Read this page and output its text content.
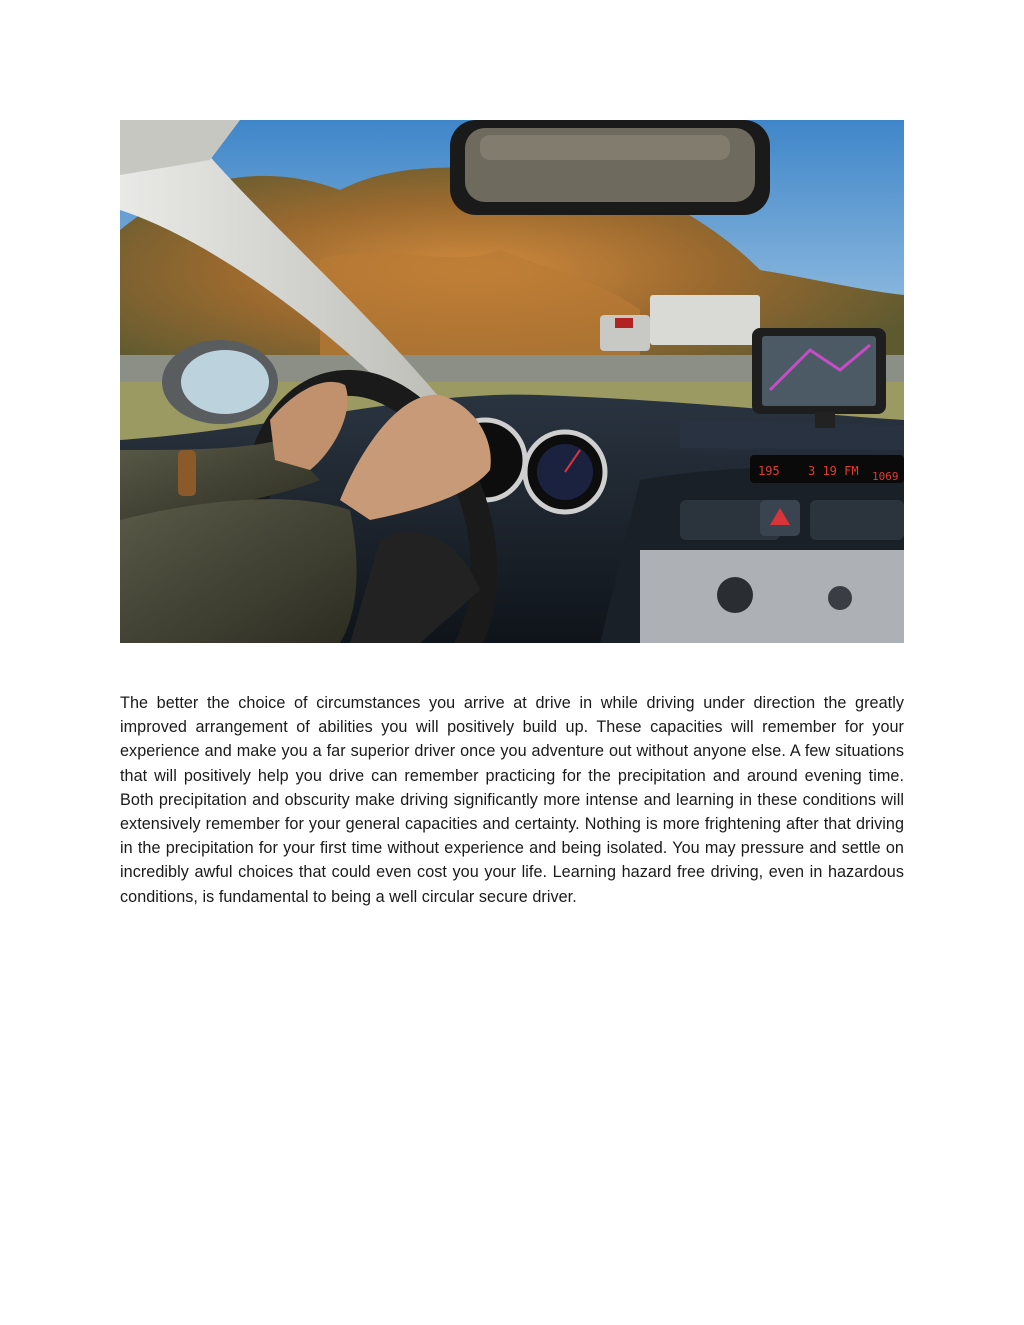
195 3 19 FM 1069

The better the choice of circumstances you arrive at drive in while driving under direction the greatly improved arrangement of abilities you will positively build up. These capacities will remember for your experience and make you a far superior driver once you adventure out without anyone else. A few situations that will positively help you drive can remember practicing for the precipitation and around evening time. Both precipitation and obscurity make driving significantly more intense and learning in these conditions will extensively remember for your general capacities and certainty. Nothing is more frightening after that driving in the precipitation for your first time without experience and being isolated. You may pressure and settle on incredibly awful choices that could even cost you your life. Learning hazard free driving, even in hazardous conditions, is fundamental to being a well circular secure driver.
